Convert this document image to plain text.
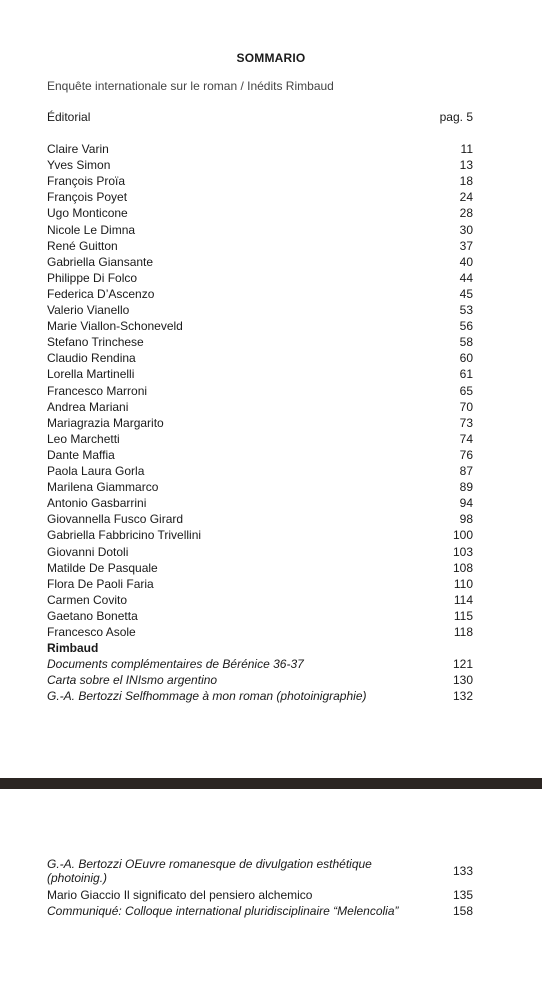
SOMMARIO
Enquête internationale sur le roman / Inédits Rimbaud
Éditorial	pag. 5
Claire Varin	11
Yves Simon	13
François Proïa	18
François Poyet	24
Ugo Monticone	28
Nicole Le Dimna	30
René Guitton	37
Gabriella Giansante	40
Philippe Di Folco	44
Federica D’Ascenzo	45
Valerio Vianello	53
Marie Viallon-Schoneveld	56
Stefano Trinchese	58
Claudio Rendina	60
Lorella Martinelli	61
Francesco Marroni	65
Andrea Mariani	70
Mariagrazia Margarito	73
Leo Marchetti	74
Dante Maffia	76
Paola Laura Gorla	87
Marilena Giammarco	89
Antonio Gasbarrini	94
Giovannella Fusco Girard	98
Gabriella Fabbricino Trivellini	100
Giovanni Dotoli	103
Matilde De Pasquale	108
Flora De Paoli Faria	110
Carmen Covito	114
Gaetano Bonetta	115
Francesco Asole	118
Rimbaud
Documents complémentaires de Bérénice 36-37	121
Carta sobre el INIsmo argentino	130
G.-A. Bertozzi Selfhommage à mon roman (photoinigraphie)	132
G.-A. Bertozzi OEuvre romanesque de divulgation esthétique (photoinig.)	133
Mario Giaccio Il significato del pensiero alchemico	135
Communiqué: Colloque international pluridisciplinaire “Melencolia”	158
